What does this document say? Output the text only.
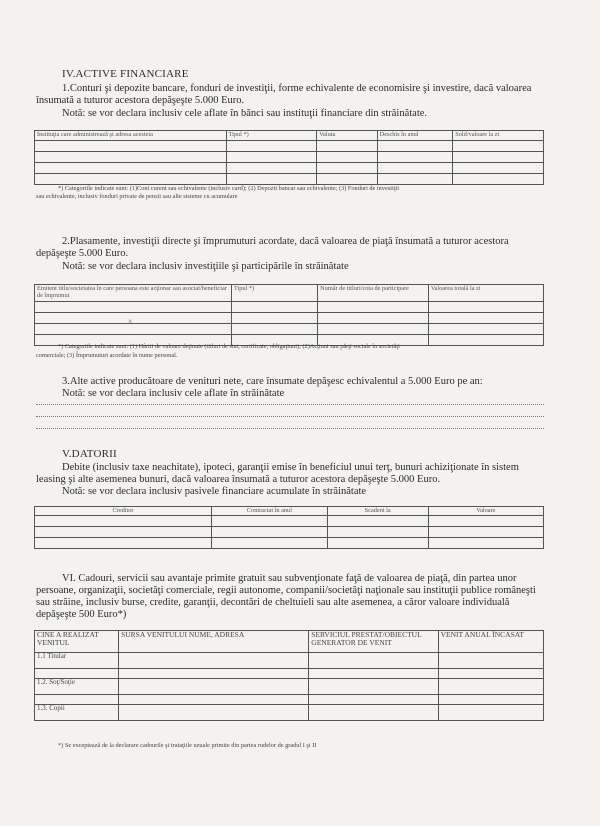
IV.ACTIVE FINANCIARE
1.Conturi şi depozite bancare, fonduri de investiţii, forme echivalente de economisire şi investire, dacă valoarea
însumată a tuturor acestora depăşeşte 5.000 Euro.
Notă: se vor declara inclusiv cele aflate în bănci sau instituţii financiare din străinătate.
Instituţia care administrează şi adresa acesteia	Tipul *)	Valuta	Deschis în anul	Sold/valoare la zi

*) Categoriile indicate sunt: (1)Cont curent sau echivalente (inclusiv card); (2) Depozit bancar sau echivalente; (3) Fonduri de investiţii
sau echivalente, inclusiv fonduri private de pensii sau alte sisteme cu acumulare
2.Plasamente, investiţii directe şi împrumuturi acordate, dacă valoarea de piaţă însumată a tuturor acestora
depăşeşte 5.000 Euro.
Notă: se vor declara inclusiv investiţiile şi participările în străinătate
Emitent titlu/societatea în care persoana este acţionar sau asociat/beneficiar de împrumut	Tipul *)	Număr de titluri/cota de participare	Valoarea totală la zi

×
*) Categoriile indicate sunt: (1) Hârtii de valoare deţinute (titluri de stat, certificate, obligaţiuni); (2)Acţiuni sau părţi sociale în societăţi
comerciale; (3) Împrumuturi acordate în nume personal.
3.Alte active producătoare de venituri nete, care însumate depăşesc echivalentul a 5.000 Euro pe an:
Notă: se vor declara inclusiv cele aflate în străinătate
V.DATORII
Debite (inclusiv taxe neachitate), ipoteci, garanţii emise în beneficiul unui terţ, bunuri achiziţionate în sistem
leasing şi alte asemenea bunuri, dacă valoarea însumată a tuturor acestora depăşeşte 5.000 Euro.
Notă: se vor declara inclusiv pasivele financiare acumulate în străinătate
Creditor	Contractat în anul	Scadent la	Valoare

VI. Cadouri, servicii sau avantaje primite gratuit sau subvenţionate faţă de valoarea de piaţă, din partea unor
persoane, organizaţii, societăţi comerciale, regii autonome, companii/societăţi naţionale sau instituţii publice româneşti
sau străine, inclusiv burse, credite, garanţii, decontări de cheltuieli sau alte asemenea, a căror valoare individuală
depăşeşte 500 Euro*)
CINE A REALIZAT VENITUL	SURSA VENITULUI NUME, ADRESA	SERVICIUL PRESTAT/OBIECTUL GENERATOR DE VENIT	VENIT ANUAL ÎNCASAT
1.1 Titular			

1.2. Soţ/Soţie			

1.3. Copii			
*) Se exceptează de la declarare cadourile şi trataţiile uzuale primite din partea rudelor de gradul I şi II
